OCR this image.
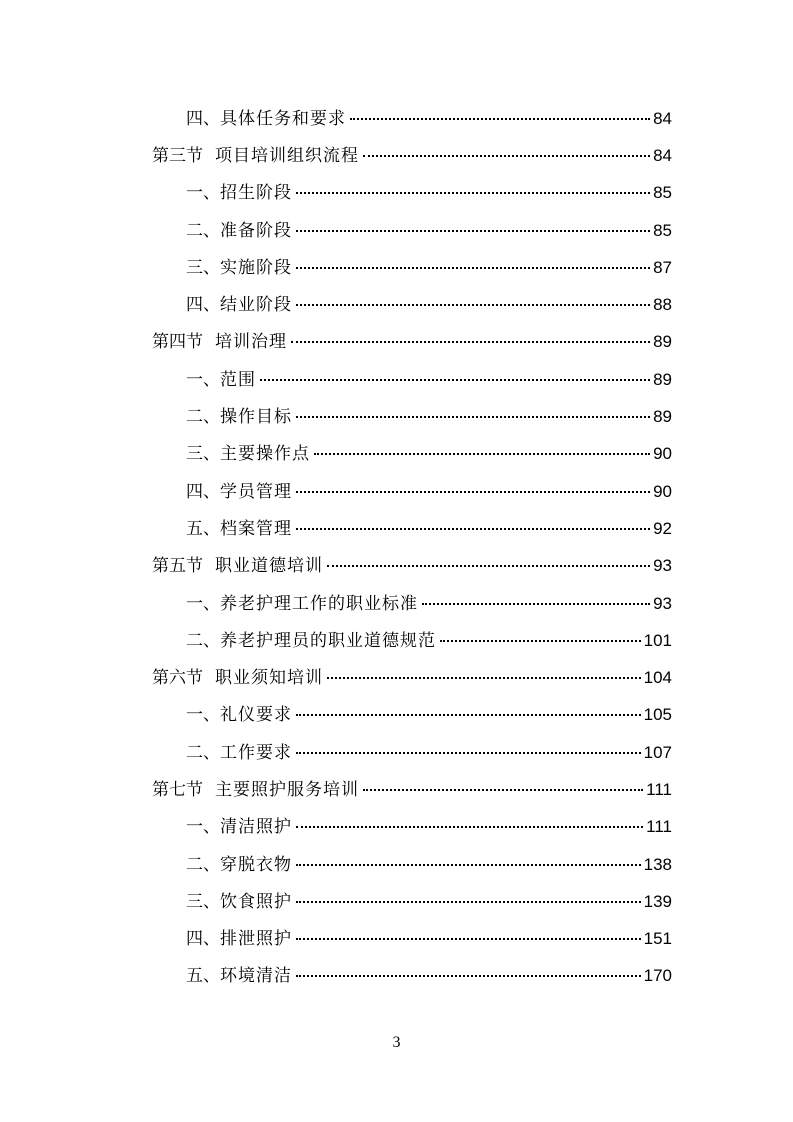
四、 具体任务和要求	84
第三节 项目培训组织流程	84
一、 招生阶段	85
二、 准备阶段	85
三、 实施阶段	87
四、 结业阶段	88
第四节 培训治理	89
一、 范围	89
二、 操作目标	89
三、 主要操作点	90
四、 学员管理	90
五、 档案管理	92
第五节 职业道德培训	93
一、 养老护理工作的职业标准	93
二、 养老护理员的职业道德规范	101
第六节 职业须知培训	104
一、 礼仪要求	105
二、 工作要求	107
第七节 主要照护服务培训	111
一、 清洁照护	111
二、 穿脱衣物	138
三、 饮食照护	139
四、 排泄照护	151
五、 环境清洁	170
3
